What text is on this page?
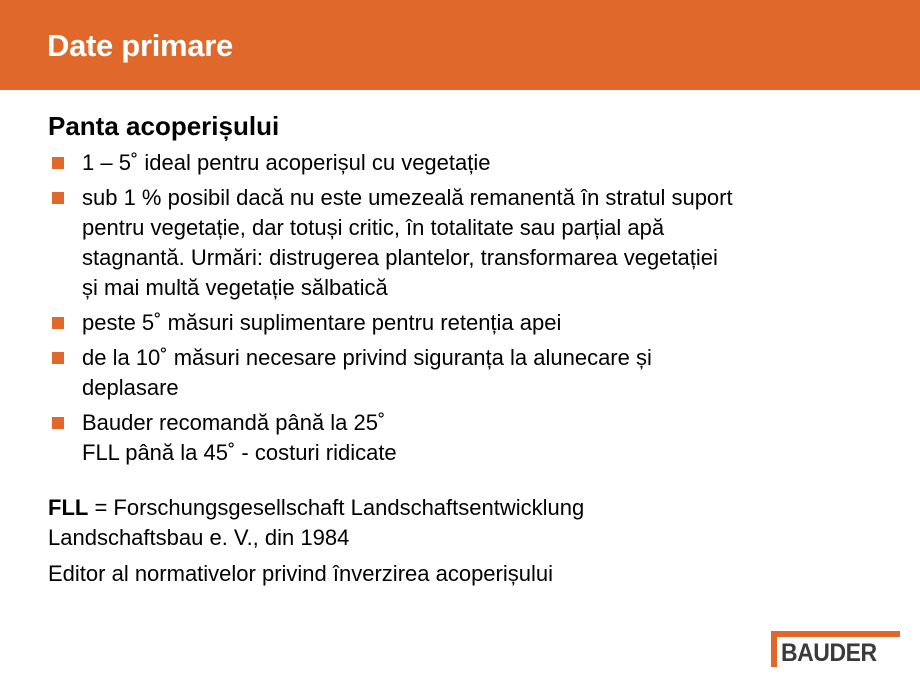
Date primare
Panta acoperișului
1 – 5˚ ideal pentru acoperișul cu vegetație
sub 1 % posibil dacă nu este umezeală remanentă în stratul suport
pentru vegetație, dar totuși critic, în totalitate sau parțial apă
stagnantă. Urmări: distrugerea plantelor, transformarea vegetației
și mai multă vegetație sălbatică
peste 5˚ măsuri suplimentare pentru retenția apei
de la 10˚ măsuri necesare privind siguranța la alunecare și
deplasare
Bauder recomandă până la 25˚
FLL până la 45˚ - costuri ridicate
FLL = Forschungsgesellschaft Landschaftsentwicklung
Landschaftsbau e. V., din 1984
Editor al normativelor privind înverzirea acoperișului
BAUDER
